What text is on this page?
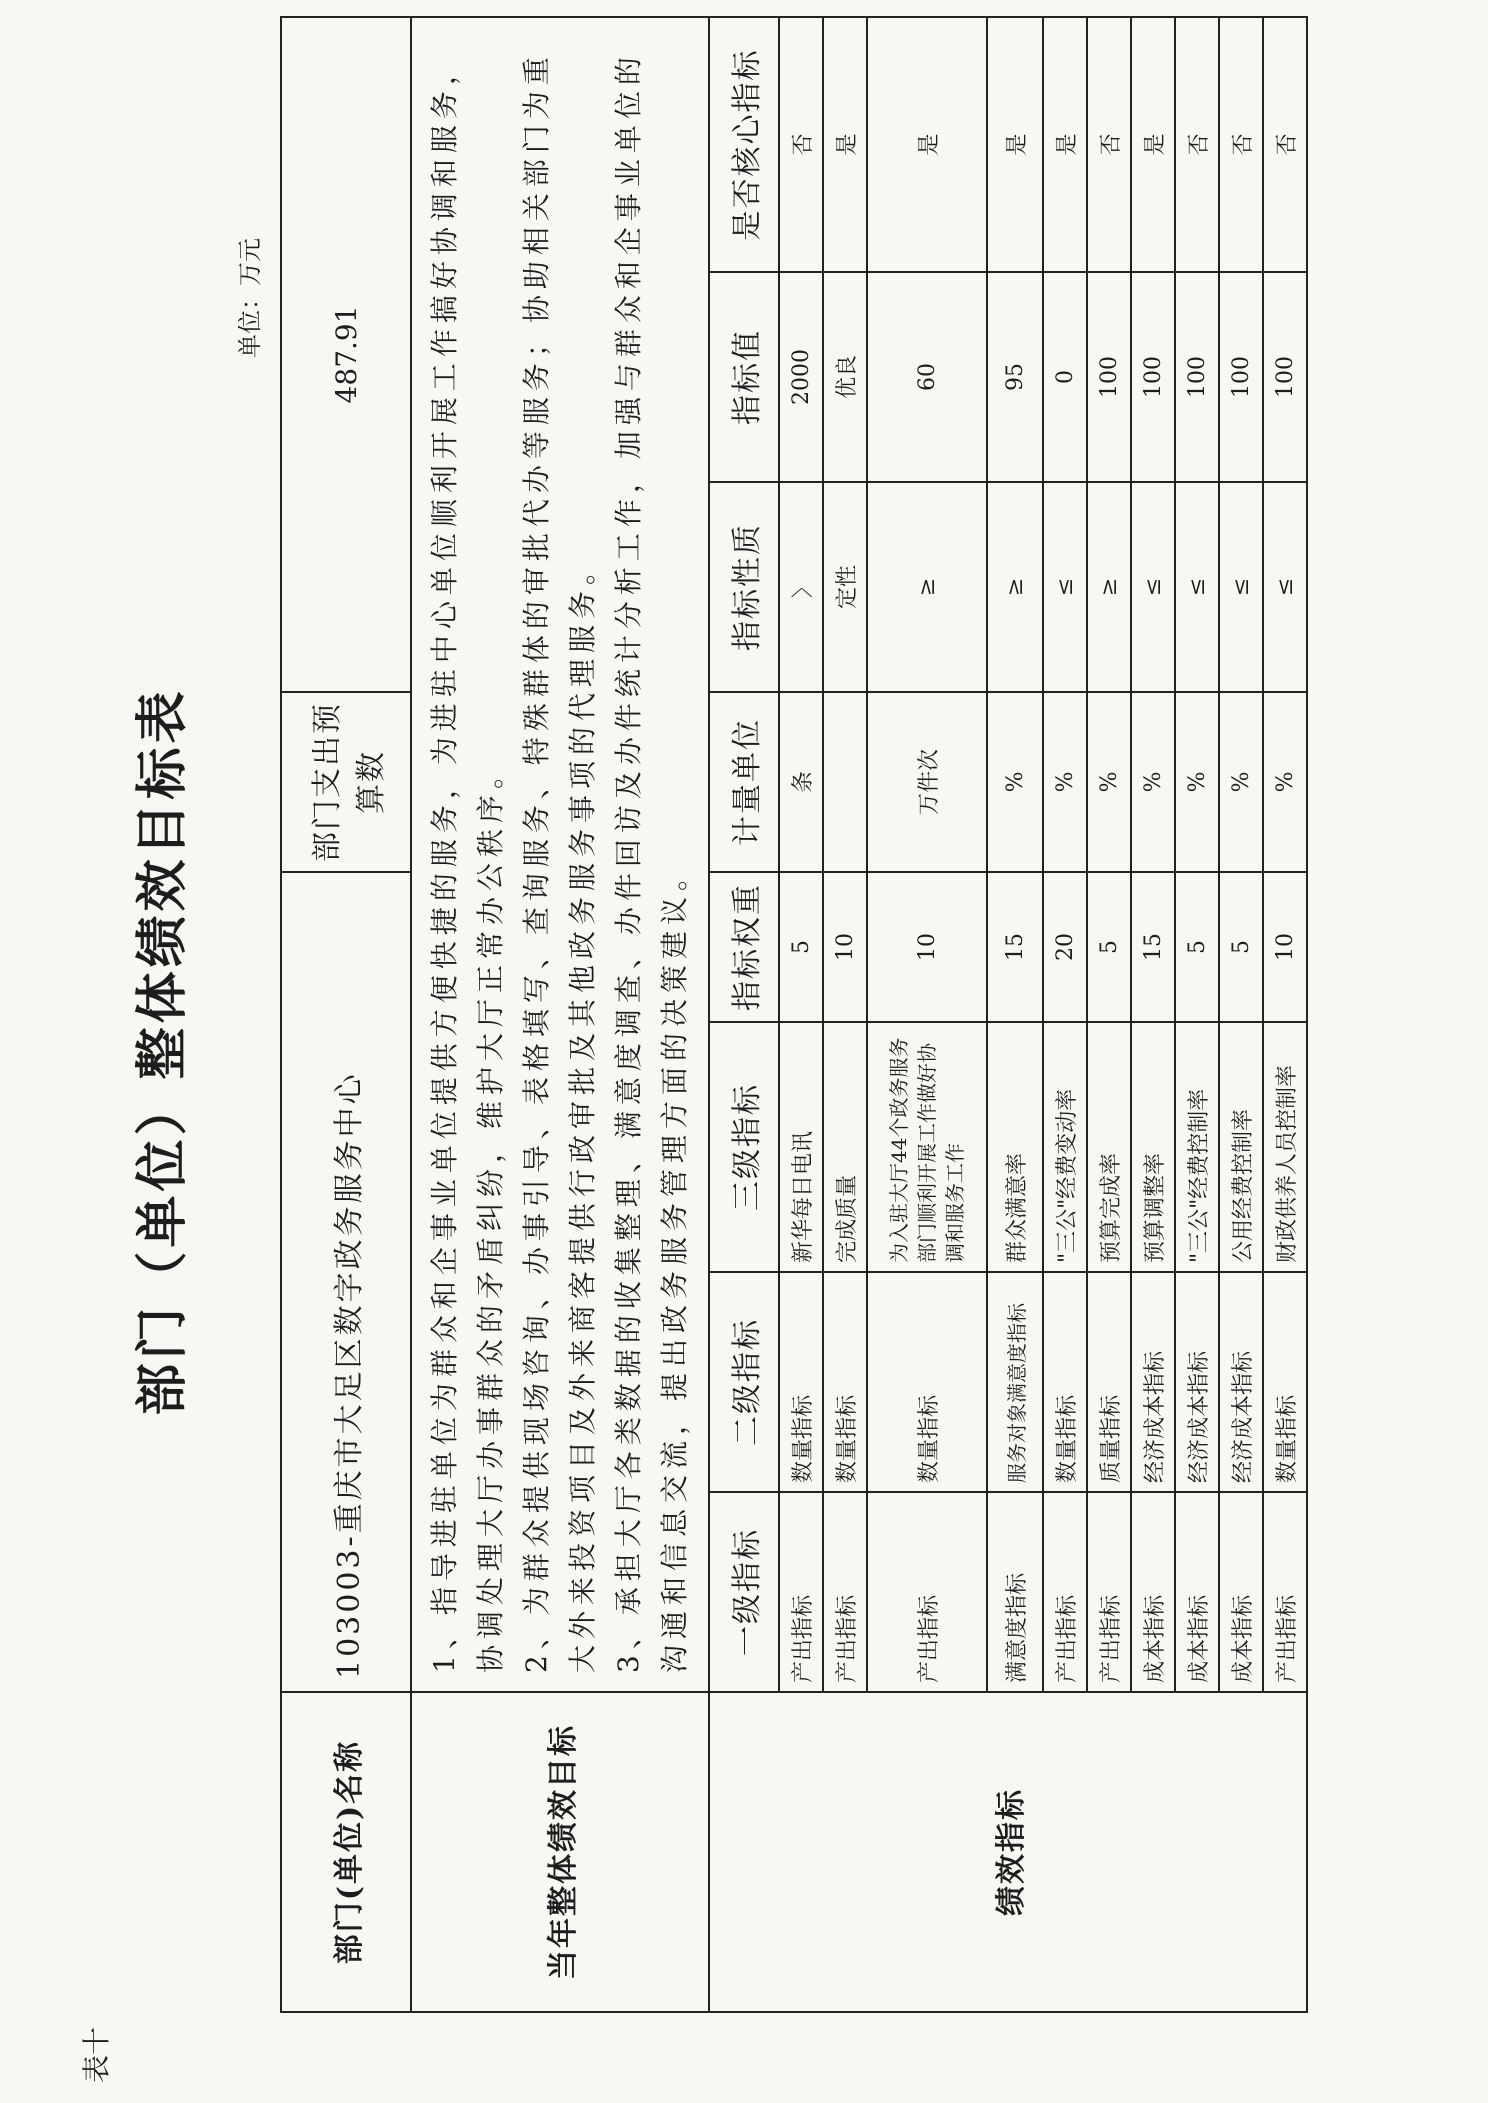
表十
部门（单位）整体绩效目标表
单位：万元
部门(单位)名称	103003-重庆市大足区数字政务服务中心				部门支出预算数	487.91		
当年整体绩效目标	1、指导进驻单位为群众和企事业单位提供方便快捷的服务，为进驻中心单位顺利开展工作搞好协调和服务，协调处理大厅办事群众的矛盾纠纷，维护大厅正常办公秩序。 2、为群众提供现场咨询、办事引导、表格填写、查询服务、特殊群体的审批代办等服务；协助相关部门为重大外来投资项目及外来商客提供行政审批及其他政务服务事项的代理服务。 3、承担大厅各类数据的收集整理、满意度调查、办件回访及办件统计分析工作，加强与群众和企事业单位的沟通和信息交流，提出政务服务管理方面的决策建议。							

绩效指标	一级指标	二级指标	三级指标	指标权重	计量单位	指标性质	指标值	是否核心指标
	产出指标	数量指标	新华每日电讯	5	条	〉	2000	否
	产出指标	数量指标	完成质量	10		定性	优良	是
	产出指标	数量指标	为入驻大厅44个政务服务部门顺利开展工作做好协调和服务工作	10	万件次	≥	60	是
	满意度指标	服务对象满意度指标	群众满意率	15	%	≥	95	是
	产出指标	数量指标	"三公"经费变动率	20	%	≤	0	是
	产出指标	质量指标	预算完成率	5	%	≥	100	否
	成本指标	经济成本指标	预算调整率	15	%	≤	100	是
	成本指标	经济成本指标	"三公"经费控制率	5	%	≤	100	否
	成本指标	经济成本指标	公用经费控制率	5	%	≤	100	否
	产出指标	数量指标	财政供养人员控制率	10	%	≤	100	否
